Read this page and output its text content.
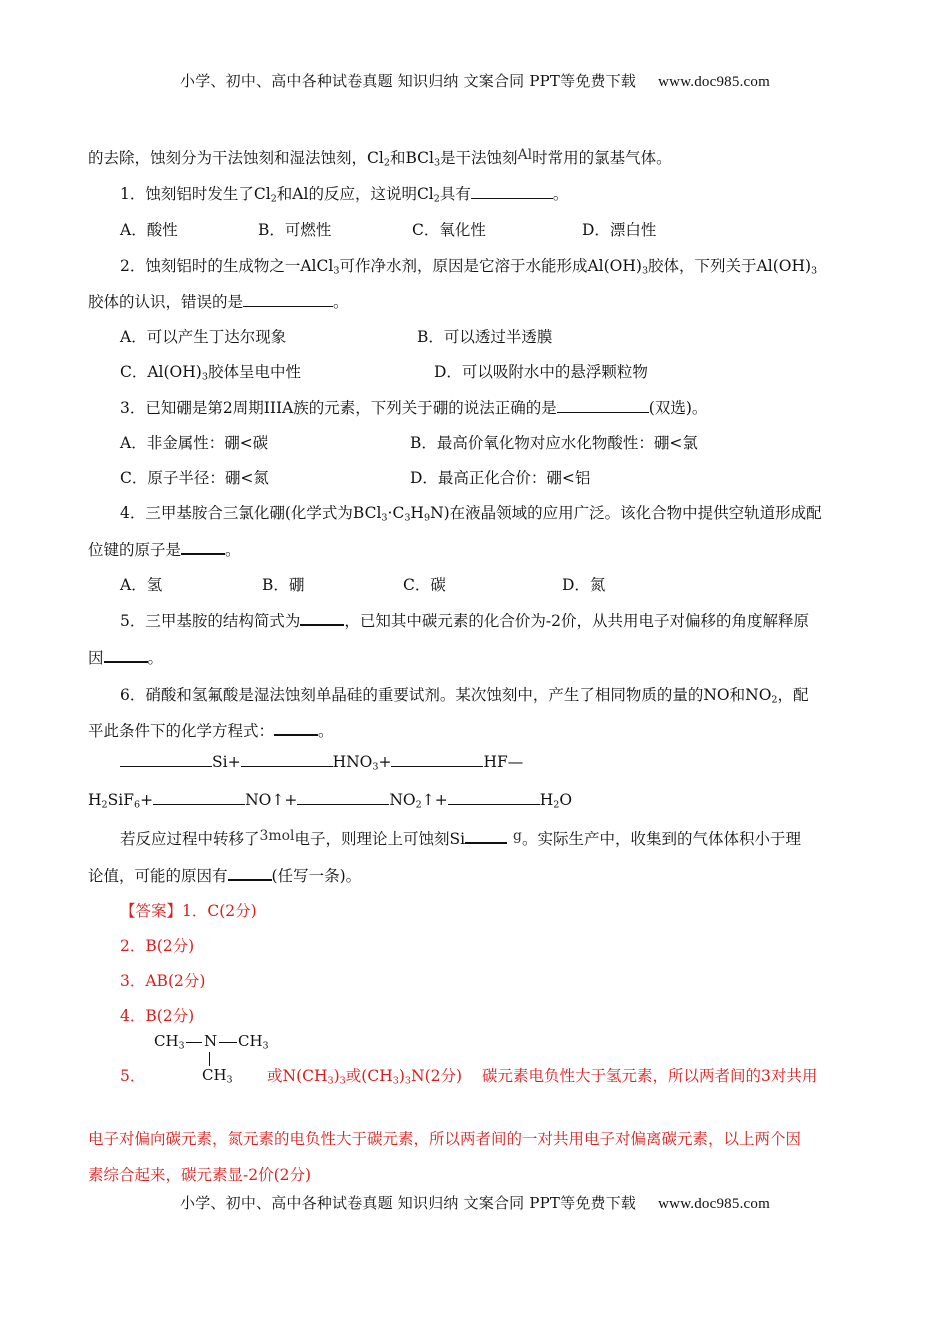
小学、初中、高中各种试卷真题 知识归纳 文案合同 PPT等免费下载 www.doc985.com
的去除，蚀刻分为干法蚀刻和湿法蚀刻，$Cl_2$和BCl$_3$是干法蚀刻Al时常用的氯基气体。
1．蚀刻铝时发生了$Cl_2$和Al的反应，这说明$Cl_2$具有	。
A．酸性	B．可燃性	C．氧化性	D．漂白性
2．蚀刻铝时的生成物之一AlCl$_3$可作净水剂，原因是它溶于水能形成$Al(OH)_3$胶体，下列关于$Al(OH)_3$
胶体的认识，错误的是	。
A．可以产生丁达尔现象	B．可以透过半透膜
C．$Al(OH)_3$胶体呈电中性	D．可以吸附水中的悬浮颗粒物
3．已知硼是第2周期IIIA族的元素，下列关于硼的说法正确的是	(双选)。
A．非金属性：硼<碳	B．最高价氧化物对应水化物酸性：硼<氯
C．原子半径：硼<氮	D．最高正化合价：硼<铝
4．三甲基胺合三氯化硼(化学式为$BCl_3\cdot C_3H_9N$)在液晶领域的应用广泛。该化合物中提供空轨道形成配
位键的原子是	。
A．氢	B．硼	C．碳	D．氮
5．三甲基胺的结构简式为	，已知其中碳元素的化合价为-2价，从共用电子对偏移的角度解释原
因	。
6．硝酸和氢氟酸是湿法蚀刻单晶硅的重要试剂。某次蚀刻中，产生了相同物质的量的NO和$NO_2$，配
平此条件下的化学方程式：	。
Si+	$HNO_3+$	HF—
$H_2SiF_6+$	NO↑+	$NO_2↑+$	$H_2O$
若反应过程中转移了3mol电子，则理论上可蚀刻Si	g。实际生产中，收集到的气体体积小于理
论值，可能的原因有	(任写一条)。
【答案】1．C(2分)
2．B(2分)
3．AB(2分)
4．B(2分)
$CH_3$ N $CH_3$
$CH_3$
5．	或$N(CH_3)_3$或$(CH_3)_3N(2$分) 碳元素电负性大于氢元素，所以两者间的3对共用
电子对偏向碳元素，氮元素的电负性大于碳元素，所以两者间的一对共用电子对偏离碳元素，以上两个因
素综合起来，碳元素显-2价(2分)
小学、初中、高中各种试卷真题 知识归纳 文案合同 PPT等免费下载 www.doc985.com
